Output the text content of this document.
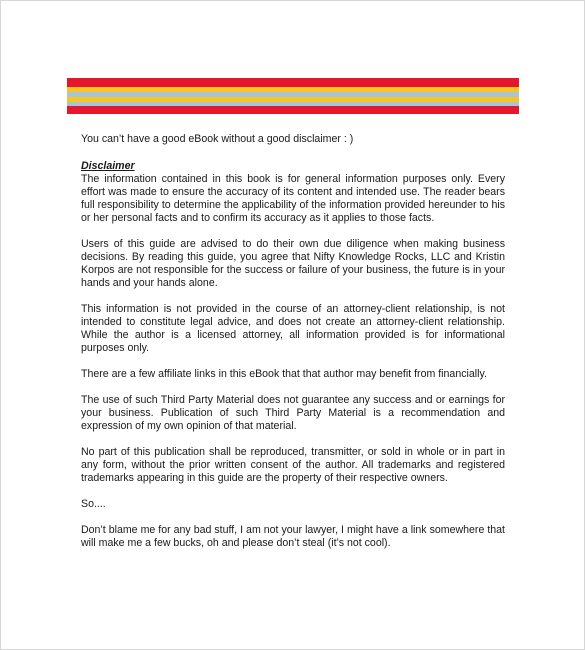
You can’t have a good eBook without a good disclaimer : )

Disclaimer

The information contained in this book is for general information purposes only. Every effort was made to ensure the accuracy of its content and intended use. The reader bears full responsibility to determine the applicability of the information provided hereunder to his or her personal facts and to confirm its accuracy as it applies to those facts.

Users of this guide are advised to do their own due diligence when making business decisions. By reading this guide, you agree that Nifty Knowledge Rocks, LLC and Kristin Korpos are not responsible for the success or failure of your business, the future is in your hands and your hands alone.

This information is not provided in the course of an attorney-client relationship, is not intended to constitute legal advice, and does not create an attorney-client relationship. While the author is a licensed attorney, all information provided is for informational purposes only.

There are a few affiliate links in this eBook that that author may benefit from financially.

The use of such Third Party Material does not guarantee any success and or earnings for your business. Publication of such Third Party Material is a recommendation and expression of my own opinion of that material.

No part of this publication shall be reproduced, transmitter, or sold in whole or in part in any form, without the prior written consent of the author. All trademarks and registered trademarks appearing in this guide are the property of their respective owners.

So....

Don’t blame me for any bad stuff, I am not your lawyer, I might have a link somewhere that will make me a few bucks, oh and please don’t steal (it’s not cool).
